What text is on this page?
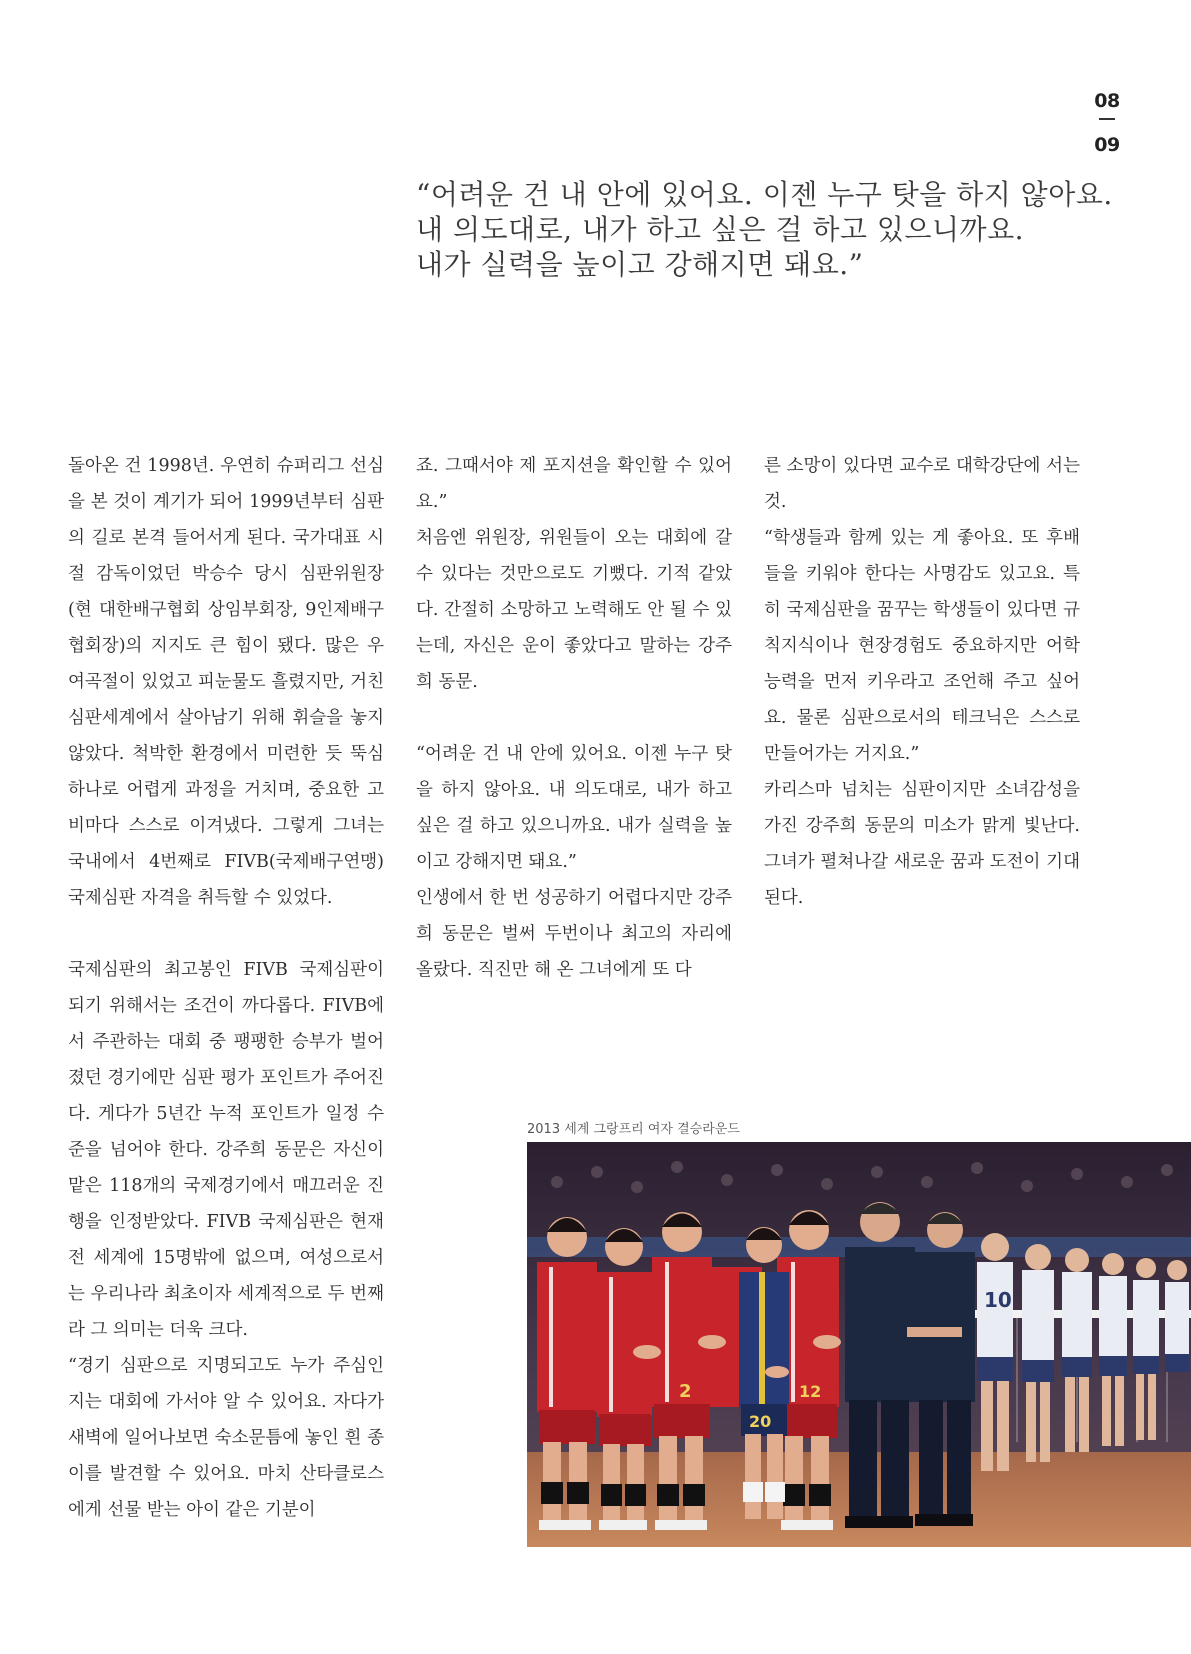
08
09
“어려운 건 내 안에 있어요. 이젠 누구 탓을 하지 않아요.
내 의도대로, 내가 하고 싶은 걸 하고 있으니까요.
내가 실력을 높이고 강해지면 돼요.”

돌아온 건 1998년. 우연히 슈퍼리그 선심을 본 것이 계기가 되어 1999년부터 심판의 길로 본격 들어서게 된다. 국가대표 시절 감독이었던 박승수 당시 심판위원장(현 대한배구협회 상임부회장, 9인제배구협회장)의 지지도 큰 힘이 됐다. 많은 우여곡절이 있었고 피눈물도 흘렸지만, 거친 심판세계에서 살아남기 위해 휘슬을 놓지 않았다. 척박한 환경에서 미련한 듯 뚝심 하나로 어렵게 과정을 거치며, 중요한 고비마다 스스로 이겨냈다. 그렇게 그녀는 국내에서 4번째로 FIVB(국제배구연맹) 국제심판 자격을 취득할 수 있었다.

국제심판의 최고봉인 FIVB 국제심판이 되기 위해서는 조건이 까다롭다. FIVB에서 주관하는 대회 중 팽팽한 승부가 벌어졌던 경기에만 심판 평가 포인트가 주어진다. 게다가 5년간 누적 포인트가 일정 수준을 넘어야 한다. 강주희 동문은 자신이 맡은 118개의 국제경기에서 매끄러운 진행을 인정받았다. FIVB 국제심판은 현재 전 세계에 15명밖에 없으며, 여성으로서는 우리나라 최초이자 세계적으로 두 번째라 그 의미는 더욱 크다.

“경기 심판으로 지명되고도 누가 주심인지는 대회에 가서야 알 수 있어요. 자다가 새벽에 일어나보면 숙소문틈에 놓인 흰 종이를 발견할 수 있어요. 마치 산타클로스에게 선물 받는 아이 같은 기분이

죠. 그때서야 제 포지션을 확인할 수 있어요.”

처음엔 위원장, 위원들이 오는 대회에 갈 수 있다는 것만으로도 기뻤다. 기적 같았다. 간절히 소망하고 노력해도 안 될 수 있는데, 자신은 운이 좋았다고 말하는 강주희 동문.

“어려운 건 내 안에 있어요. 이젠 누구 탓을 하지 않아요. 내 의도대로, 내가 하고 싶은 걸 하고 있으니까요. 내가 실력을 높이고 강해지면 돼요.”

인생에서 한 번 성공하기 어렵다지만 강주희 동문은 벌써 두번이나 최고의 자리에 올랐다. 직진만 해 온 그녀에게 또 다

른 소망이 있다면 교수로 대학강단에 서는 것.

“학생들과 함께 있는 게 좋아요. 또 후배들을 키워야 한다는 사명감도 있고요. 특히 국제심판을 꿈꾸는 학생들이 있다면 규칙지식이나 현장경험도 중요하지만 어학능력을 먼저 키우라고 조언해 주고 싶어요. 물론 심판으로서의 테크닉은 스스로 만들어가는 거지요.”

카리스마 넘치는 심판이지만 소녀감성을 가진 강주희 동문의 미소가 맑게 빛난다. 그녀가 펼쳐나갈 새로운 꿈과 도전이 기대된다.

2013 세계 그랑프리 여자 결승라운드
10
2	12
20
